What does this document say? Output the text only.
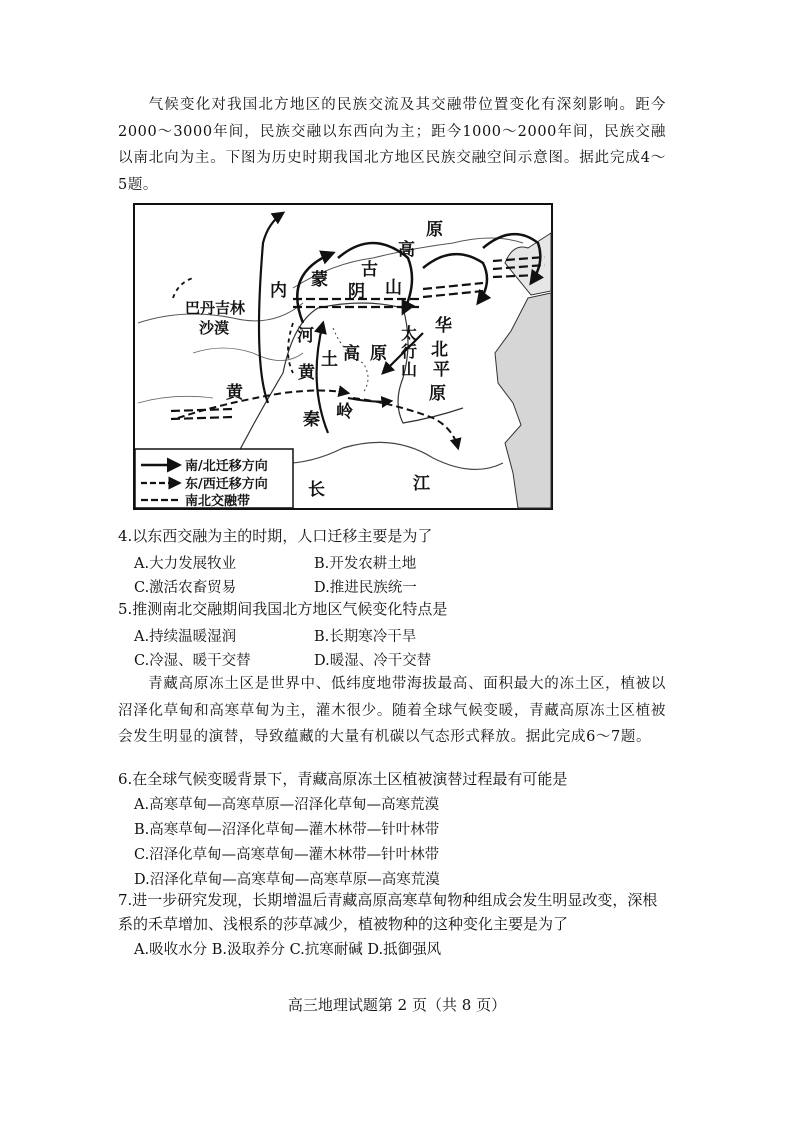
气候变化对我国北方地区的民族交流及其交融带位置变化有深刻影响。距今2000～3000年间，民族交融以东西向为主；距今1000～2000年间，民族交融以南北向为主。下图为历史时期我国北方地区民族交融空间示意图。据此完成4～5题。

原
高
古
蒙
内	阴 山
巴丹吉林
沙漠	河	太
行
山
华
北
平
原
高 原
土
黄
黄
秦 岭
长	江
南/北迁移方向
东/西迁移方向
南北交融带

4.以东西交融为主的时期，人口迁移主要是为了

A.大力发展牧业	B.开发农耕土地
C.激活农畜贸易	D.推进民族统一

5.推测南北交融期间我国北方地区气候变化特点是

A.持续温暖湿润	B.长期寒冷干旱
C.冷湿、暖干交替	D.暖湿、冷干交替

青藏高原冻土区是世界中、低纬度地带海拔最高、面积最大的冻土区，植被以沼泽化草甸和高寒草甸为主，灌木很少。随着全球气候变暖，青藏高原冻土区植被会发生明显的演替，导致蕴藏的大量有机碳以气态形式释放。据此完成6～7题。

6.在全球气候变暖背景下，青藏高原冻土区植被演替过程最有可能是

A.高寒草甸—高寒草原—沼泽化草甸—高寒荒漠
B.高寒草甸—沼泽化草甸—灌木林带—针叶林带
C.沼泽化草甸—高寒草甸—灌木林带—针叶林带
D.沼泽化草甸—高寒草甸—高寒草原—高寒荒漠

7.进一步研究发现，长期增温后青藏高原高寒草甸物种组成会发生明显改变，深根系的禾草增加、浅根系的莎草减少，植被物种的这种变化主要是为了

A.吸收水分 B.汲取养分 C.抗寒耐碱 D.抵御强风
高三地理试题第 2 页（共 8 页）
